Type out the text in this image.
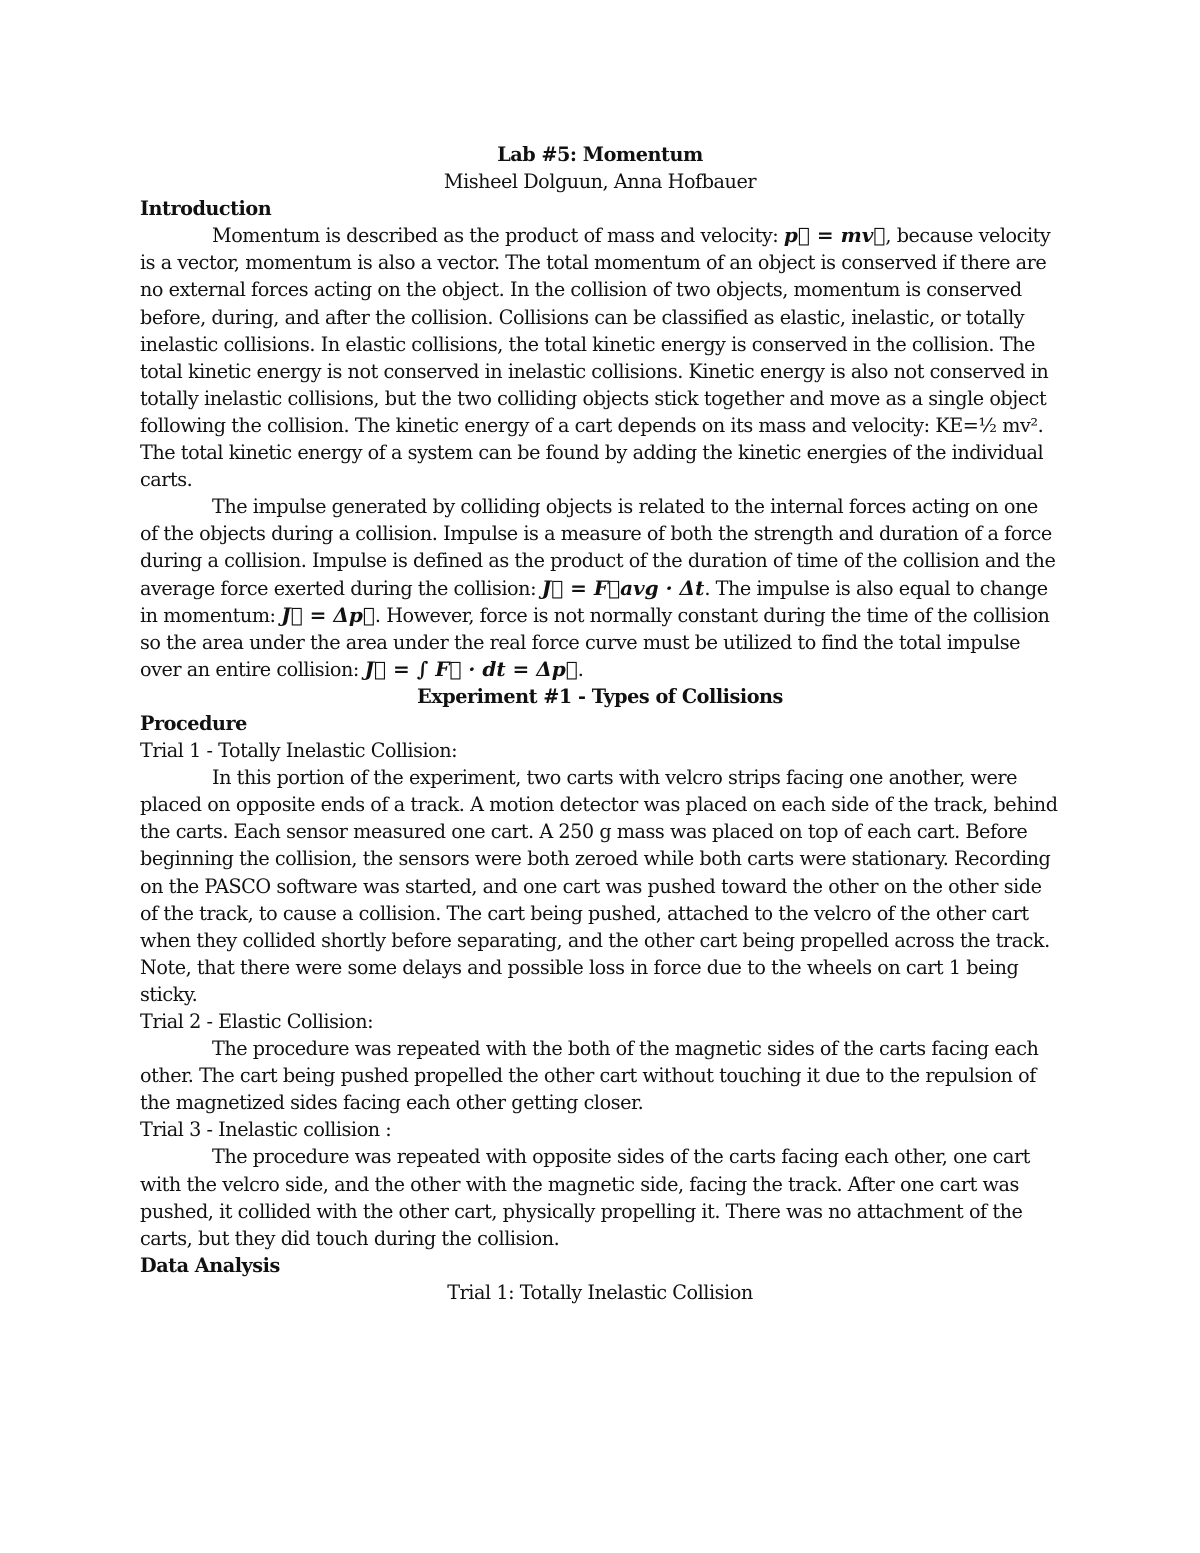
Lab #5: Momentum

Misheel Dolguun, Anna Hofbauer

Introduction

Momentum is described as the product of mass and velocity: p⃗ = mv⃗, because velocity is a vector, momentum is also a vector. The total momentum of an object is conserved if there are no external forces acting on the object. In the collision of two objects, momentum is conserved before, during, and after the collision. Collisions can be classified as elastic, inelastic, or totally inelastic collisions. In elastic collisions, the total kinetic energy is conserved in the collision. The total kinetic energy is not conserved in inelastic collisions. Kinetic energy is also not conserved in totally inelastic collisions, but the two colliding objects stick together and move as a single object following the collision. The kinetic energy of a cart depends on its mass and velocity: KE=½ mv². The total kinetic energy of a system can be found by adding the kinetic energies of the individual carts.

The impulse generated by colliding objects is related to the internal forces acting on one of the objects during a collision. Impulse is a measure of both the strength and duration of a force during a collision. Impulse is defined as the product of the duration of time of the collision and the average force exerted during the collision: J⃗ = F⃗avg · Δt. The impulse is also equal to change in momentum: J⃗ = Δp⃗. However, force is not normally constant during the time of the collision so the area under the area under the real force curve must be utilized to find the total impulse over an entire collision: J⃗ = ∫ F⃗ · dt = Δp⃗.

Experiment #1 - Types of Collisions

Procedure

Trial 1 - Totally Inelastic Collision:

In this portion of the experiment, two carts with velcro strips facing one another, were placed on opposite ends of a track. A motion detector was placed on each side of the track, behind the carts. Each sensor measured one cart. A 250 g mass was placed on top of each cart. Before beginning the collision, the sensors were both zeroed while both carts were stationary. Recording on the PASCO software was started, and one cart was pushed toward the other on the other side of the track, to cause a collision. The cart being pushed, attached to the velcro of the other cart when they collided shortly before separating, and the other cart being propelled across the track. Note, that there were some delays and possible loss in force due to the wheels on cart 1 being sticky.

Trial 2 - Elastic Collision:

The procedure was repeated with the both of the magnetic sides of the carts facing each other. The cart being pushed propelled the other cart without touching it due to the repulsion of the magnetized sides facing each other getting closer.

Trial 3 - Inelastic collision :

The procedure was repeated with opposite sides of the carts facing each other, one cart with the velcro side, and the other with the magnetic side, facing the track. After one cart was pushed, it collided with the other cart, physically propelling it. There was no attachment of the carts, but they did touch during the collision.

Data Analysis

Trial 1: Totally Inelastic Collision
